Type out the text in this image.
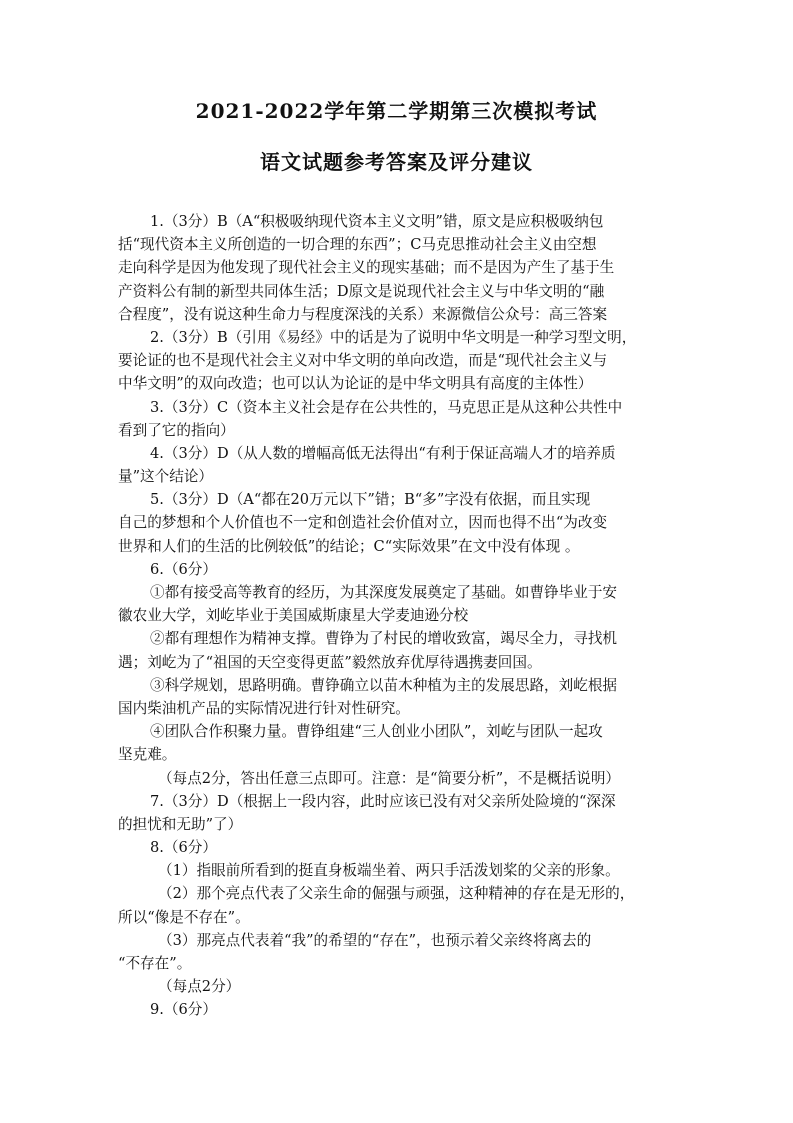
2021-2022学年第二学期第三次模拟考试
语文试题参考答案及评分建议
1.（3分）B（A“积极吸纳现代资本主义文明”错，原文是应积极吸纳包
括“现代资本主义所创造的一切合理的东西”；C马克思推动社会主义由空想
走向科学是因为他发现了现代社会主义的现实基础；而不是因为产生了基于生
产资料公有制的新型共同体生活；D原文是说现代社会主义与中华文明的“融
合程度”，没有说这种生命力与程度深浅的关系）来源微信公众号：高三答案
2.（3分）B（引用《易经》中的话是为了说明中华文明是一种学习型文明，
要论证的也不是现代社会主义对中华文明的单向改造，而是“现代社会主义与
中华文明”的双向改造；也可以认为论证的是中华文明具有高度的主体性）
3.（3分）C（资本主义社会是存在公共性的，马克思正是从这种公共性中
看到了它的指向）
4.（3分）D（从人数的增幅高低无法得出“有利于保证高端人才的培养质
量”这个结论）
5.（3分）D（A“都在20万元以下”错；B“多”字没有依据，而且实现
自己的梦想和个人价值也不一定和创造社会价值对立，因而也得不出“为改变
世界和人们的生活的比例较低”的结论；C“实际效果”在文中没有体现 。
6.（6分）
①都有接受高等教育的经历，为其深度发展奠定了基础。如曹铮毕业于安
徽农业大学，刘屹毕业于美国威斯康星大学麦迪逊分校
②都有理想作为精神支撑。曹铮为了村民的增收致富，竭尽全力，寻找机
遇；刘屹为了“祖国的天空变得更蓝”毅然放弃优厚待遇携妻回国。
③科学规划，思路明确。曹铮确立以苗木种植为主的发展思路，刘屹根据
国内柴油机产品的实际情况进行针对性研究。
④团队合作积聚力量。曹铮组建“三人创业小团队”，刘屹与团队一起攻
坚克难。
（每点2分，答出任意三点即可。注意：是“简要分析”，不是概括说明）
7.（3分）D（根据上一段内容，此时应该已没有对父亲所处险境的“深深
的担忧和无助”了）
8.（6分）
（1）指眼前所看到的挺直身板端坐着、两只手活泼划桨的父亲的形象。
（2）那个亮点代表了父亲生命的倔强与顽强，这种精神的存在是无形的，
所以“像是不存在”。
（3）那亮点代表着“我”的希望的“存在”，也预示着父亲终将离去的
“不存在”。
（每点2分）
9.（6分）
